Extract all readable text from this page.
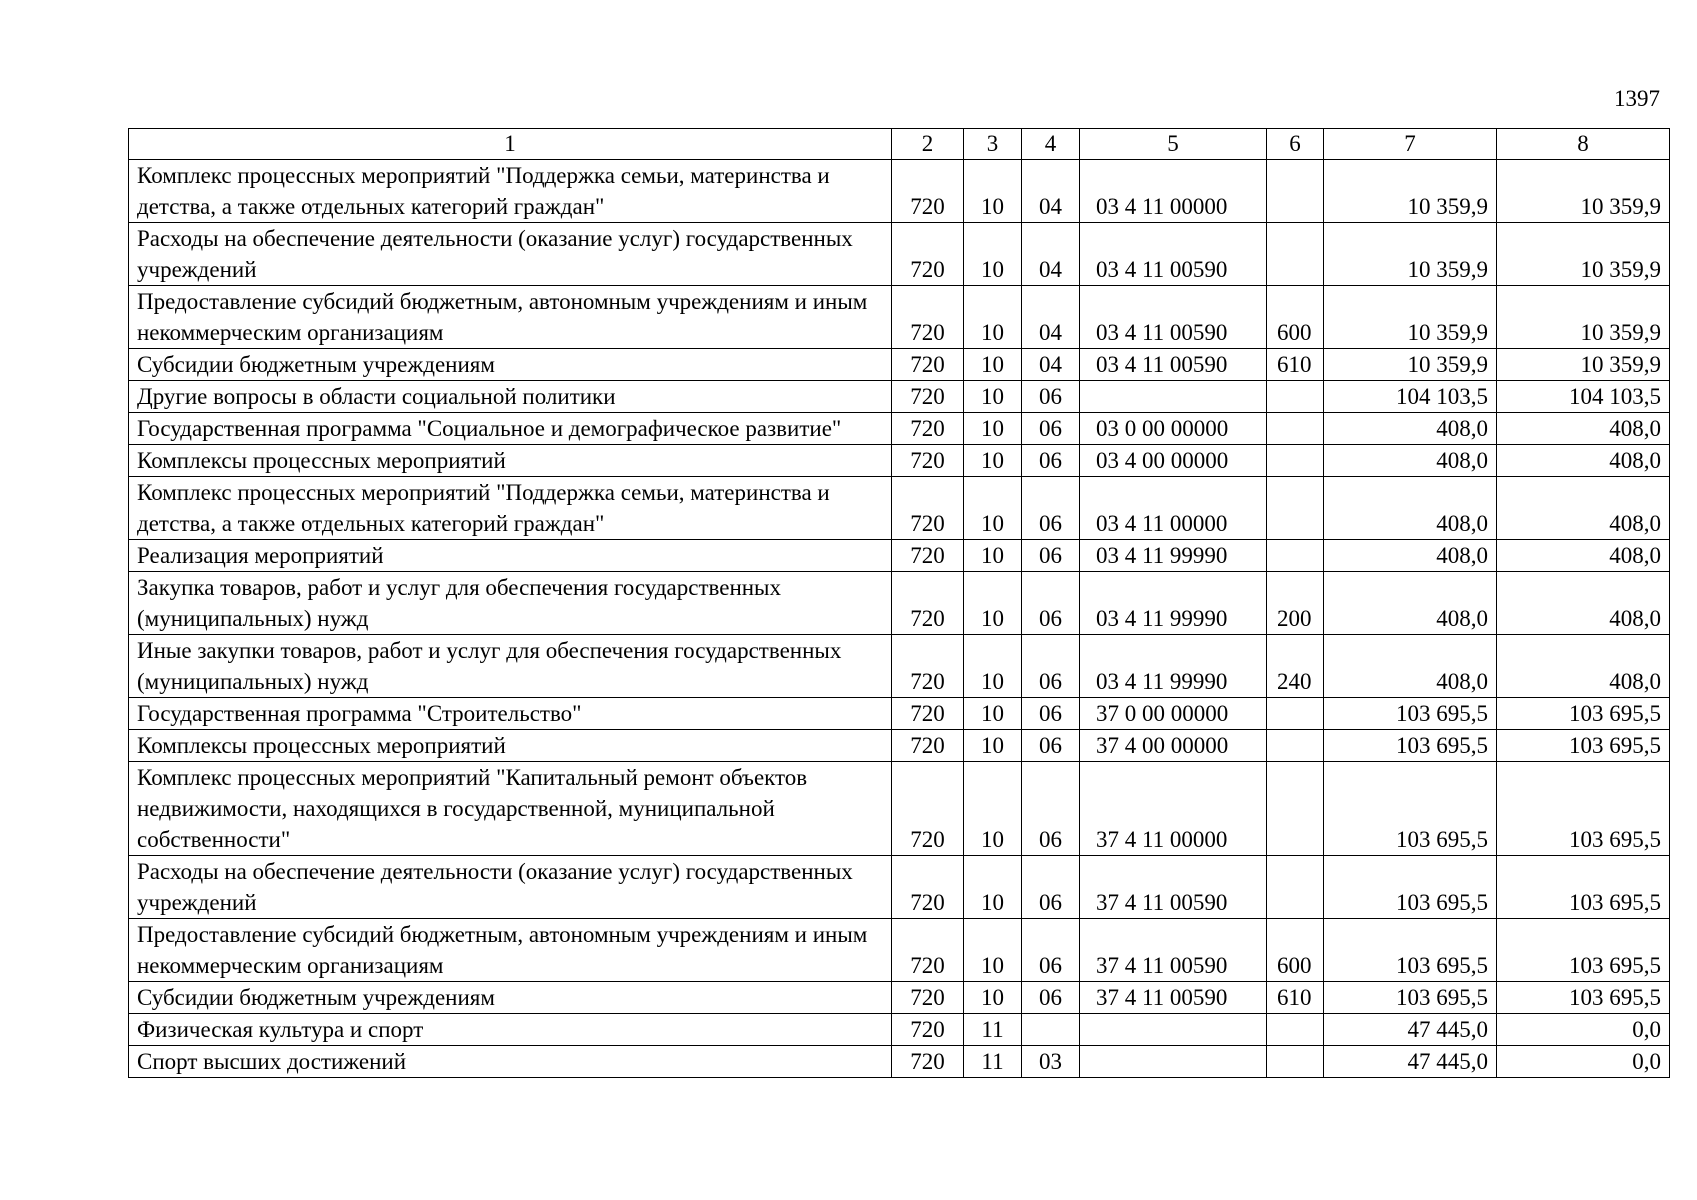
1397
1	2	3	4	5	6	7	8
Комплекс процессных мероприятий "Поддержка семьи, материнства и детства, а также отдельных категорий граждан"	720	10	04	03 4 11 00000		10 359,9	10 359,9
Расходы на обеспечение деятельности (оказание услуг) государственных учреждений	720	10	04	03 4 11 00590		10 359,9	10 359,9
Предоставление субсидий бюджетным, автономным учреждениям и иным некоммерческим организациям	720	10	04	03 4 11 00590	600	10 359,9	10 359,9
Субсидии бюджетным учреждениям	720	10	04	03 4 11 00590	610	10 359,9	10 359,9
Другие вопросы в области социальной политики	720	10	06			104 103,5	104 103,5
Государственная программа "Социальное и демографическое развитие"	720	10	06	03 0 00 00000		408,0	408,0
Комплексы процессных мероприятий	720	10	06	03 4 00 00000		408,0	408,0
Комплекс процессных мероприятий "Поддержка семьи, материнства и детства, а также отдельных категорий граждан"	720	10	06	03 4 11 00000		408,0	408,0
Реализация мероприятий	720	10	06	03 4 11 99990		408,0	408,0
Закупка товаров, работ и услуг для обеспечения государственных (муниципальных) нужд	720	10	06	03 4 11 99990	200	408,0	408,0
Иные закупки товаров, работ и услуг для обеспечения государственных (муниципальных) нужд	720	10	06	03 4 11 99990	240	408,0	408,0
Государственная программа "Строительство"	720	10	06	37 0 00 00000		103 695,5	103 695,5
Комплексы процессных мероприятий	720	10	06	37 4 00 00000		103 695,5	103 695,5
Комплекс процессных мероприятий "Капитальный ремонт объектов недвижимости, находящихся в государственной, муниципальной собственности"	720	10	06	37 4 11 00000		103 695,5	103 695,5
Расходы на обеспечение деятельности (оказание услуг) государственных учреждений	720	10	06	37 4 11 00590		103 695,5	103 695,5
Предоставление субсидий бюджетным, автономным учреждениям и иным некоммерческим организациям	720	10	06	37 4 11 00590	600	103 695,5	103 695,5
Субсидии бюджетным учреждениям	720	10	06	37 4 11 00590	610	103 695,5	103 695,5
Физическая культура и спорт	720	11				47 445,0	0,0
Спорт высших достижений	720	11	03			47 445,0	0,0
